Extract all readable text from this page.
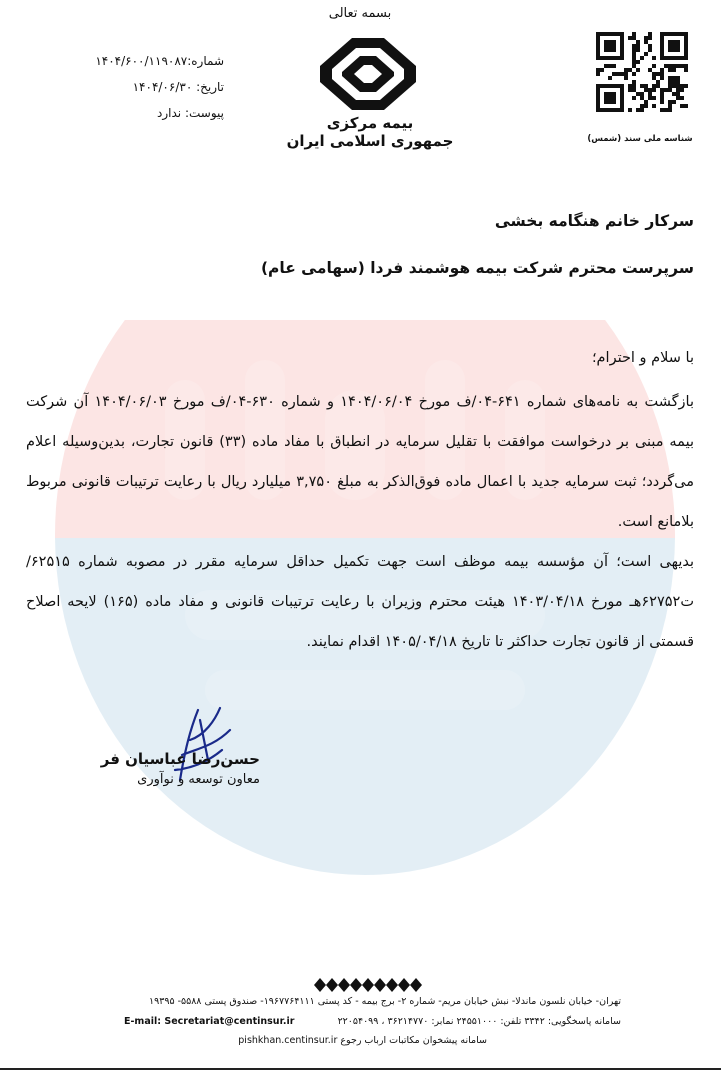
بسمه تعالی
شماره:۱۴۰۴/۶۰۰/۱۱۹۰۸۷
تاریخ: ۱۴۰۴/۰۶/۳۰
پیوست: ندارد
بیمه مرکزی
جمهوری اسلامی ایران	شناسه ملی سند (شمس)
سرکار خانم هنگامه بخشی
سرپرست محترم شرکت بیمه هوشمند فردا (سهامی عام)
با سلام و احترام؛
بازگشت به نامه‌های شماره ۶۴۱-۰۴/ف مورخ ۱۴۰۴/۰۶/۰۴ و شماره ۶۳۰-۰۴/ف مورخ ۱۴۰۴/۰۶/۰۳ آن شرکت بیمه مبنی بر درخواست موافقت با تقلیل سرمایه در انطباق با مفاد ماده (۳۳) قانون تجارت، بدین‌وسیله اعلام می‌گردد؛ ثبت سرمایه جدید با اعمال ماده فوق‌الذکر به مبلغ ۳,۷۵۰ میلیارد ریال با رعایت ترتیبات قانونی مربوط بلامانع است.
بدیهی است؛ آن مؤسسه بیمه موظف است جهت تکمیل حداقل سرمایه مقرر در مصوبه شماره ۶۲۵۱۵/ت۶۲۷۵۲هـ مورخ ۱۴۰۳/۰۴/۱۸ هیئت محترم وزیران با رعایت ترتیبات قانونی و مفاد ماده (۱۶۵) لایحه اصلاح قسمتی از قانون تجارت حداکثر تا تاریخ ۱۴۰۵/۰۴/۱۸ اقدام نمایند.
حسن‌رضا عباسیان فر
معاون توسعه و نوآوری
تهران- خیابان نلسون ماندلا- نبش خیابان مریم- شماره ۲- برج بیمه - کد پستی ۱۹۶۷۷۶۴۱۱۱- صندوق پستی ۵۵۸۸- ۱۹۳۹۵
سامانه پاسخگویی: ۳۳۴۲ تلفن: ۲۴۵۵۱۰۰۰ نمابر: ۳۶۲۱۴۷۷۰ ، ۲۲۰۵۴۰۹۹
E-mail: Secretariat@centinsur.ir
pishkhan.centinsur.ir سامانه پیشخوان مکاتبات ارباب رجوع
